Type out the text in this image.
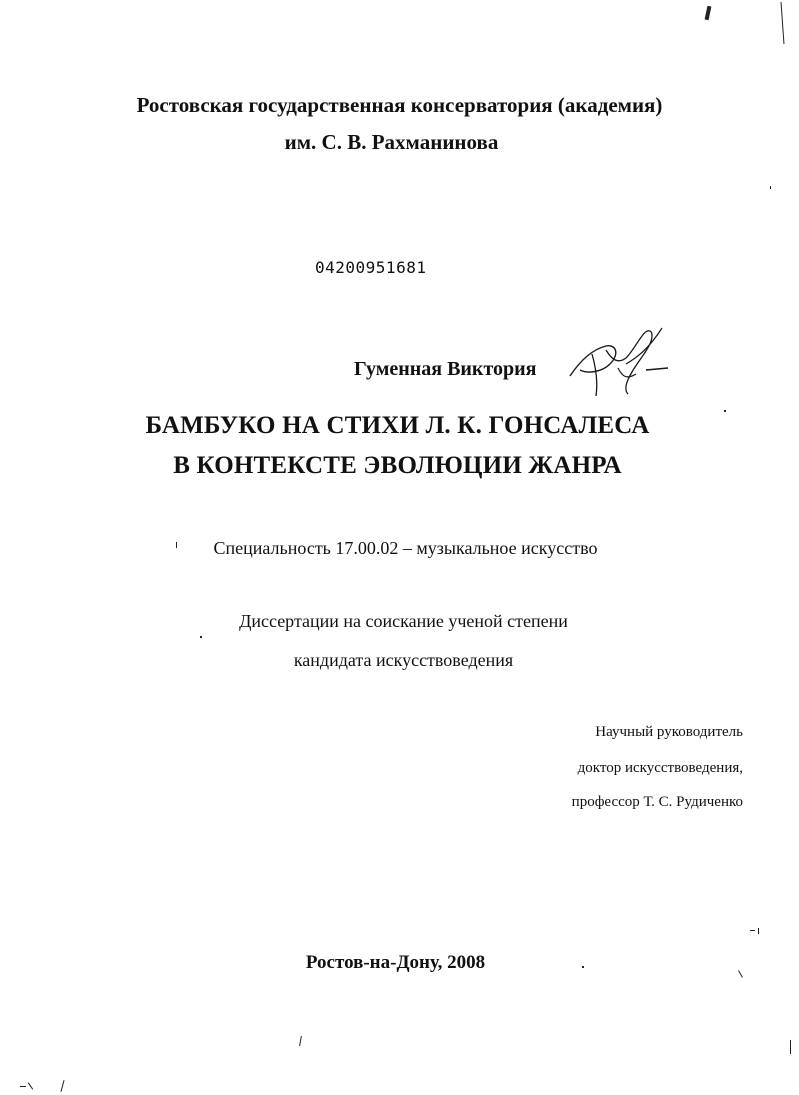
Ростовская государственная консерватория (академия)
им. С. В. Рахманинова
04200951681
Гуменная Виктория
БАМБУКО НА СТИХИ Л. К. ГОНСАЛЕСА
В КОНТЕКСТЕ ЭВОЛЮЦИИ ЖАНРА
Специальность 17.00.02 – музыкальное искусство
Диссертации на соискание ученой степени
кандидата искусствоведения
Научный руководитель
доктор искусствоведения,
профессор Т. С. Рудиченко
Ростов-на-Дону, 2008
